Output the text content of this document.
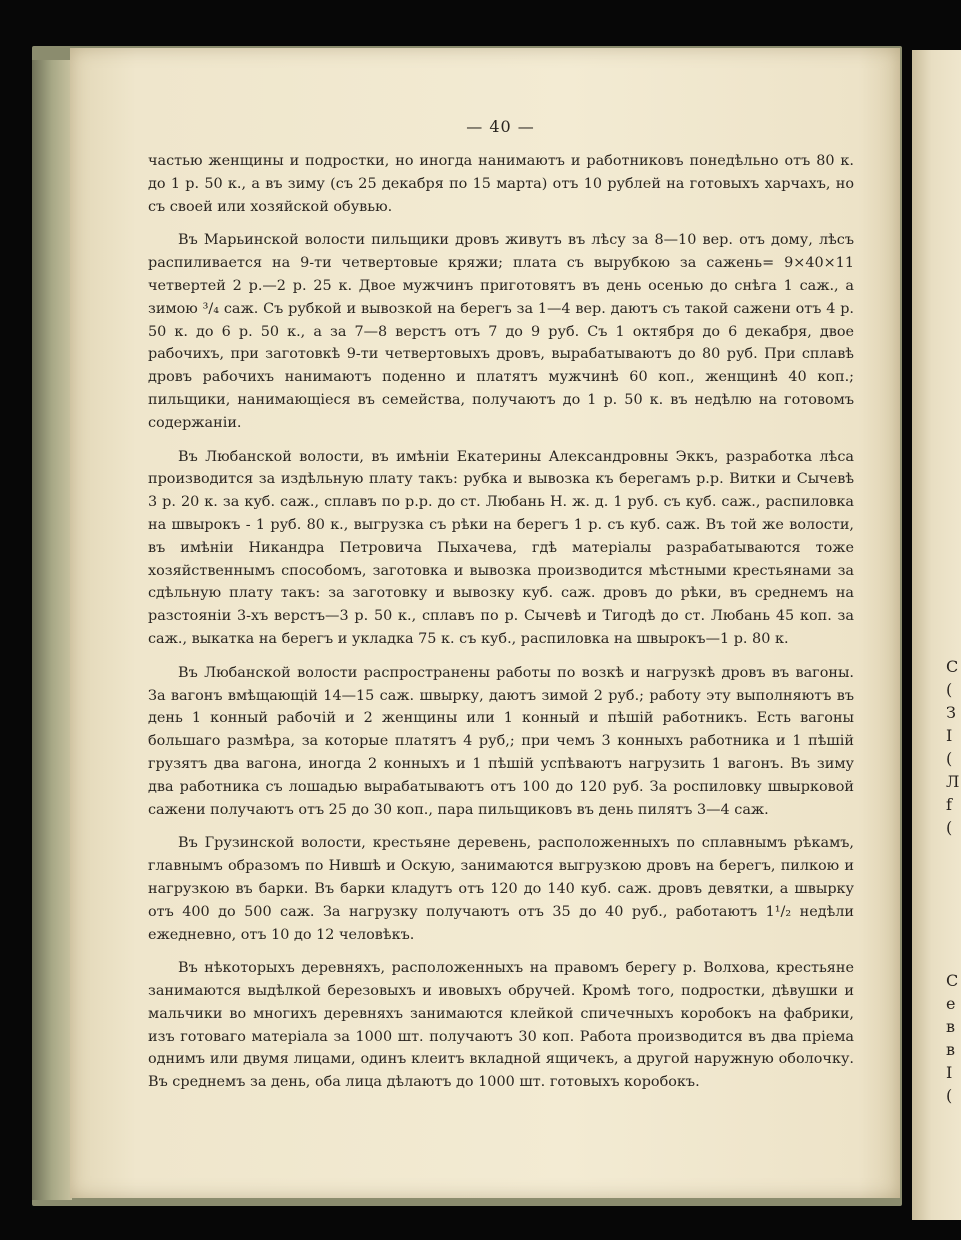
— 40 —

частью женщины и подростки, но иногда нанимаютъ и работниковъ понедѣльно отъ 80 к. до 1 р. 50 к., а въ зиму (съ 25 декабря по 15 марта) отъ 10 рублей на готовыхъ харчахъ, но съ своей или хозяйской обувью.

Въ Марьинской волости пильщики дровъ живутъ въ лѣсу за 8—10 вер. отъ дому, лѣсъ распиливается на 9-ти четвертовые кряжи; плата съ вырубкою за сажень= 9×40×11 четвертей 2 р.—2 р. 25 к. Двое мужчинъ приготовятъ въ день осенью до снѣга 1 саж., а зимою ³/₄ саж. Съ рубкой и вывозкой на берегъ за 1—4 вер. даютъ съ такой сажени отъ 4 р. 50 к. до 6 р. 50 к., а за 7—8 верстъ отъ 7 до 9 руб. Съ 1 октября до 6 декабря, двое рабочихъ, при заготовкѣ 9-ти четвертовыхъ дровъ, вырабатываютъ до 80 руб. При сплавѣ дровъ рабочихъ нанимаютъ поденно и платятъ мужчинѣ 60 коп., женщинѣ 40 коп.; пильщики, нанимающіеся въ семейства, получаютъ до 1 р. 50 к. въ недѣлю на готовомъ содержаніи.

Въ Любанской волости, въ имѣніи Екатерины Александровны Эккъ, разработка лѣса производится за издѣльную плату такъ: рубка и вывозка къ берегамъ р.р. Витки и Сычевѣ 3 р. 20 к. за куб. саж., сплавъ по р.р. до ст. Любань Н. ж. д. 1 руб. съ куб. саж., распиловка на швырокъ - 1 руб. 80 к., выгрузка съ рѣки на берегъ 1 р. съ куб. саж. Въ той же волости, въ имѣніи Никандра Петровича Пыхачева, гдѣ матеріалы разрабатываются тоже хозяйственнымъ способомъ, заготовка и вывозка производится мѣстными крестьянами за сдѣльную плату такъ: за заготовку и вывозку куб. саж. дровъ до рѣки, въ среднемъ на разстояніи 3-хъ верстъ—3 р. 50 к., сплавъ по р. Сычевѣ и Тигодѣ до ст. Любань 45 коп. за саж., выкатка на берегъ и укладка 75 к. съ куб., распиловка на швырокъ—1 р. 80 к.

Въ Любанской волости распространены работы по возкѣ и нагрузкѣ дровъ въ вагоны. За вагонъ вмѣщающій 14—15 саж. швырку, даютъ зимой 2 руб.; работу эту выполняютъ въ день 1 конный рабочій и 2 женщины или 1 конный и пѣшій работникъ. Есть вагоны большаго размѣра, за которые платятъ 4 руб,; при чемъ 3 конныхъ работника и 1 пѣшій грузятъ два вагона, иногда 2 конныхъ и 1 пѣшій успѣваютъ нагрузить 1 вагонъ. Въ зиму два работника съ лошадью вырабатываютъ отъ 100 до 120 руб. За роспиловку швырковой сажени получаютъ отъ 25 до 30 коп., пара пильщиковъ въ день пилятъ 3—4 саж.

Въ Грузинской волости, крестьяне деревень, расположенныхъ по сплавнымъ рѣкамъ, главнымъ образомъ по Нившѣ и Оскую, занимаются выгрузкою дровъ на берегъ, пилкою и нагрузкою въ барки. Въ барки кладутъ отъ 120 до 140 куб. саж. дровъ девятки, а швырку отъ 400 до 500 саж. За нагрузку получаютъ отъ 35 до 40 руб., работаютъ 1¹/₂ недѣли ежедневно, отъ 10 до 12 человѣкъ.

Въ нѣкоторыхъ деревняхъ, расположенныхъ на правомъ берегу р. Волхова, крестьяне занимаются выдѣлкой березовыхъ и ивовыхъ обручей. Кромѣ того, подростки, дѣвушки и мальчики во многихъ деревняхъ занимаются клейкой спичечныхъ коробокъ на фабрики, изъ готоваго матеріала за 1000 шт. получаютъ 30 коп. Работа производится въ два пріема однимъ или двумя лицами, одинъ клеитъ вкладной ящичекъ, а другой наружную оболочку. Въ среднемъ за день, оба лица дѣлаютъ до 1000 шт. готовыхъ коробокъ.

С
(
З
I
(
Л
f
(
С
е
в
в
I
(
